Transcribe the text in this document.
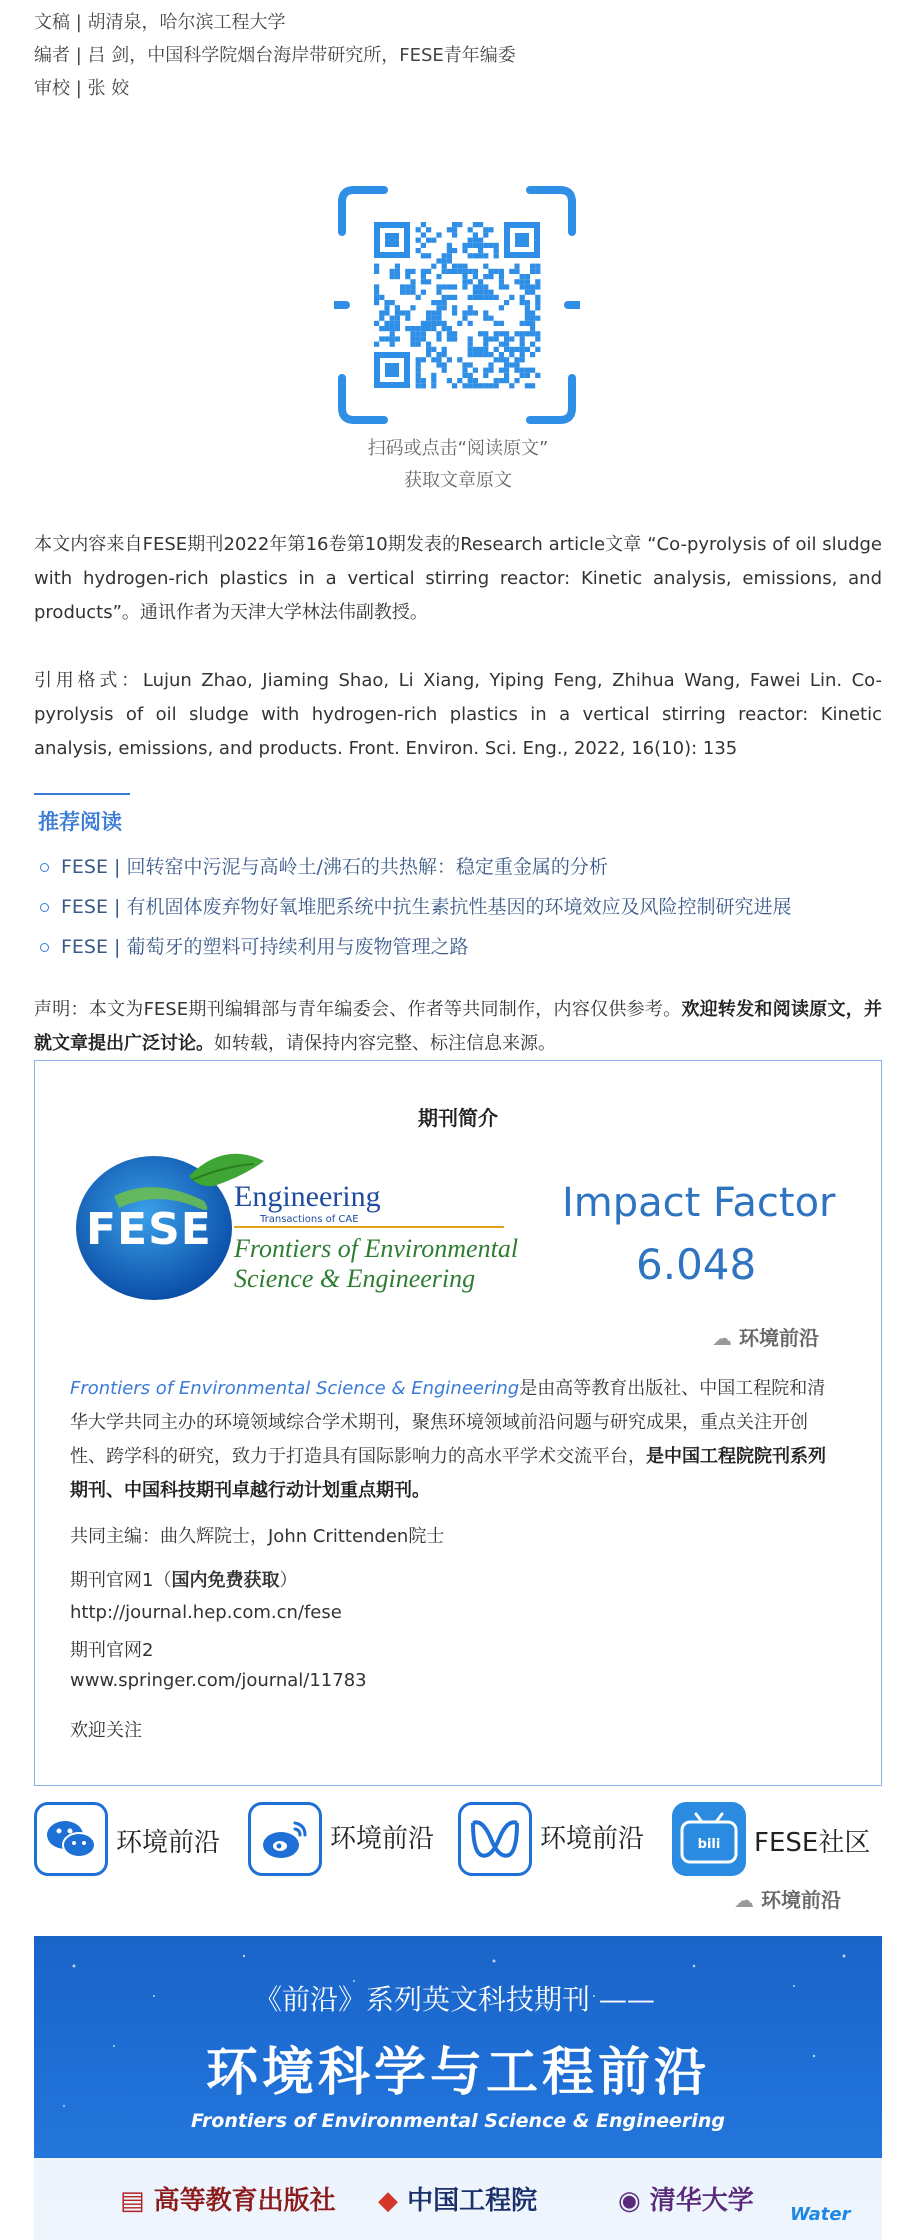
文稿 | 胡清泉，哈尔滨工程大学
编者 | 吕 剑，中国科学院烟台海岸带研究所，FESE青年编委
审校 | 张 姣
扫码或点击“阅读原文”
获取文章原文
本文内容来自FESE期刊2022年第16卷第10期发表的Research article文章 “Co-pyrolysis of oil sludge with hydrogen-rich plastics in a vertical stirring reactor: Kinetic analysis, emissions, and products”。通讯作者为天津大学林法伟副教授。
引用格式：Lujun Zhao, Jiaming Shao, Li Xiang, Yiping Feng, Zhihua Wang, Fawei Lin. Co-pyrolysis of oil sludge with hydrogen-rich plastics in a vertical stirring reactor: Kinetic analysis, emissions, and products. Front. Environ. Sci. Eng., 2022, 16(10): 135
推荐阅读
FESE | 回转窑中污泥与高岭土/沸石的共热解：稳定重金属的分析
FESE | 有机固体废弃物好氧堆肥系统中抗生素抗性基因的环境效应及风险控制研究进展
FESE | 葡萄牙的塑料可持续利用与废物管理之路
声明：本文为FESE期刊编辑部与青年编委会、作者等共同制作，内容仅供参考。欢迎转发和阅读原文，并就文章提出广泛讨论。如转载，请保持内容完整、标注信息来源。
期刊简介
FESE
Engineering
Transactions of CAE
Frontiers of Environmental
Science & Engineering
Impact Factor
6.048
☁ 环境前沿
Frontiers of Environmental Science & Engineering是由高等教育出版社、中国工程院和清华大学共同主办的环境领域综合学术期刊，聚焦环境领域前沿问题与研究成果，重点关注开创性、跨学科的研究，致力于打造具有国际影响力的高水平学术交流平台，是中国工程院院刊系列期刊、中国科技期刊卓越行动计划重点期刊。
共同主编：曲久辉院士，John Crittenden院士
期刊官网1（国内免费获取）
http://journal.hep.com.cn/fese
期刊官网2
www.springer.com/journal/11783
欢迎关注
环境前沿	环境前沿	环境前沿	bili FESE社区
☁ 环境前沿
《前沿》系列英文科技期刊 ——
环境科学与工程前沿
Frontiers of Environmental Science & Engineering
▤ 高等教育出版社 ◆ 中国工程院	◉ 清华大学 Water
